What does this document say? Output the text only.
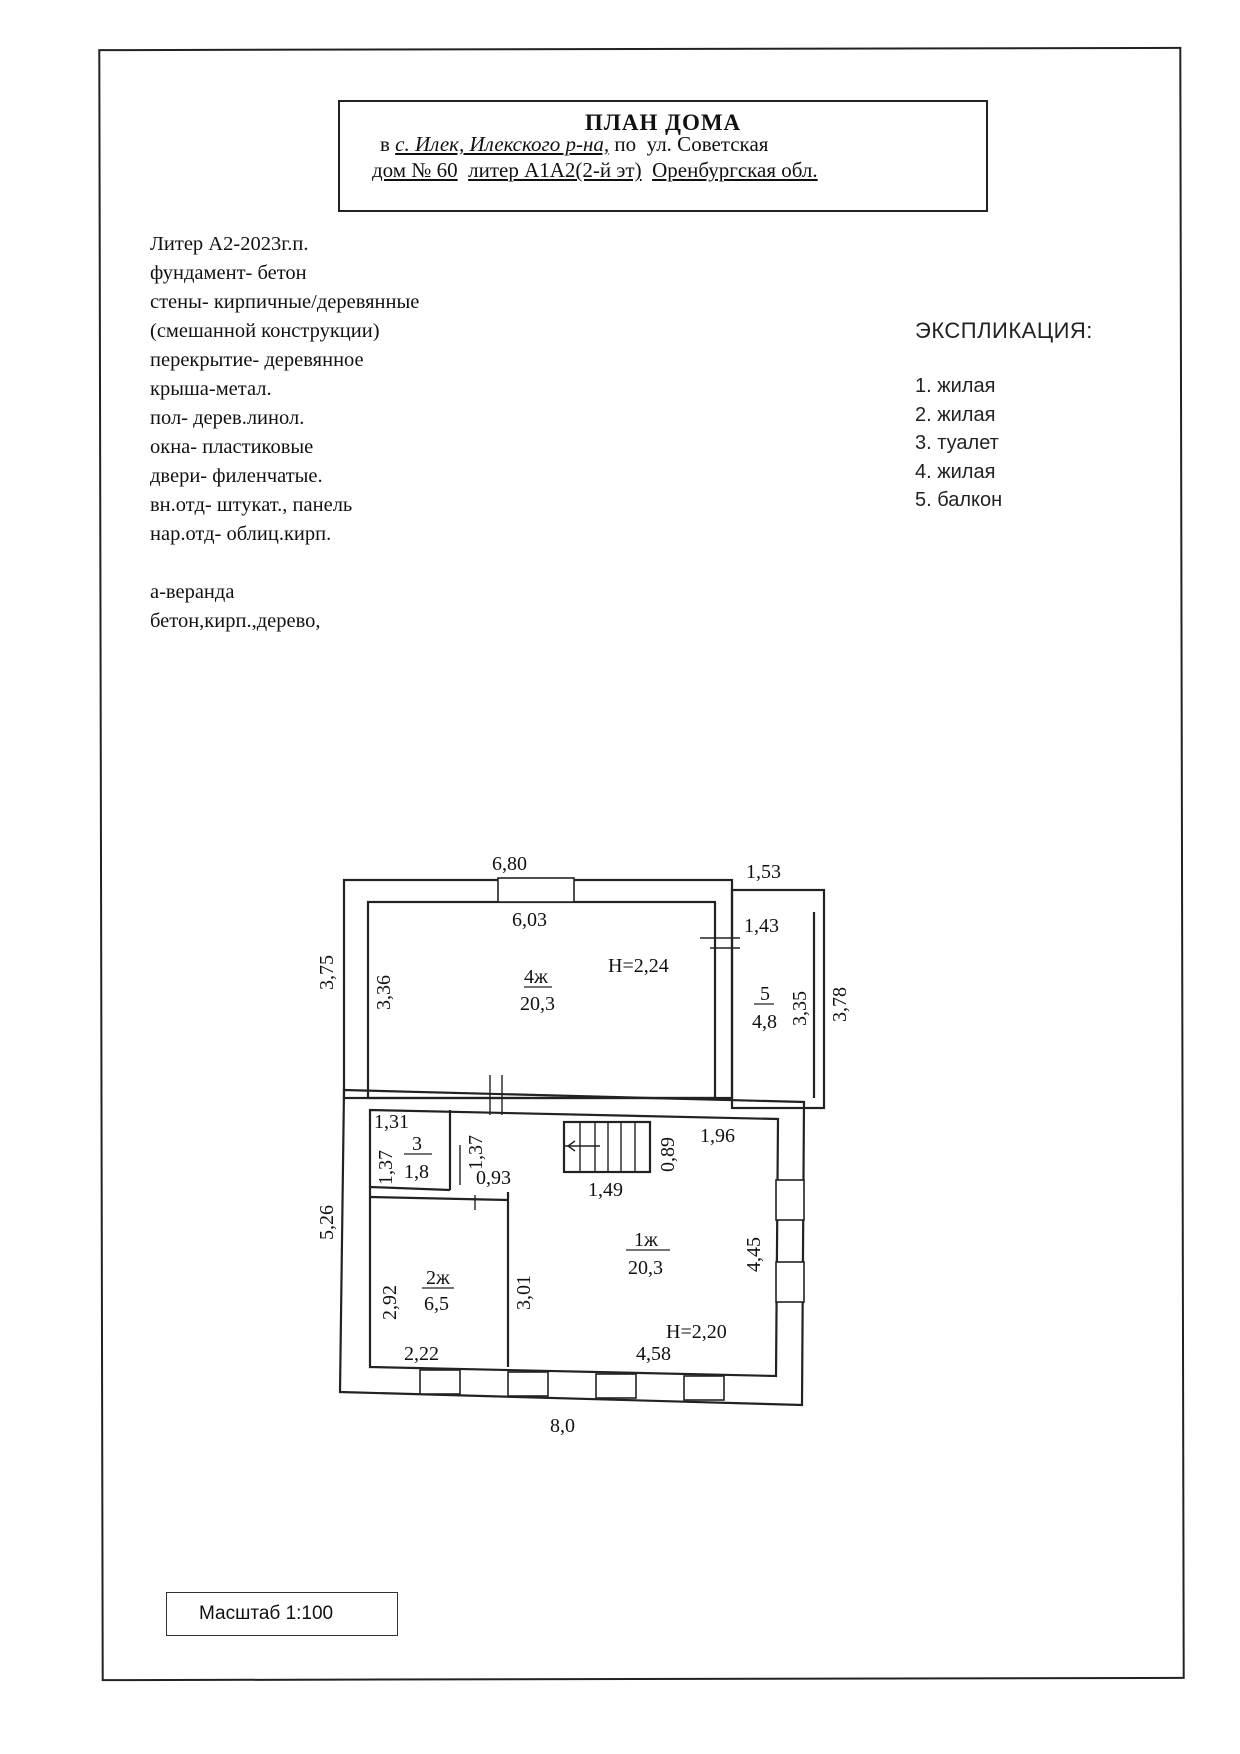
ПЛАН ДОМА
в с. Илек, Илекского р-на, по ул. Советская
дом № 60 литер А1А2(2-й эт) Оренбургская обл.
Литер А2-2023г.п.
фундамент- бетон
стены- кирпичные/деревянные
(смешанной конструкции)
перекрытие- деревянное
крыша-метал.
пол- дерев.линол.
окна- пластиковые
двери- филенчатые.
вн.отд- штукат., панель
нар.отд- облиц.кирп.
а-веранда
бетон,кирп.,дерево,
ЭКСПЛИКАЦИЯ:
1. жилая
2. жилая
3. туалет
4. жилая
5. балкон
6,80
6,03
1,53
1,43
3,75
3,36	3,35 3,78
5,26
1,31
1,37	1,37
0,93
1,49
0,89
1,96
4,45
2,92	3,01
2,22	4,58
8,0
4ж
20,3
Н=2,24
5
4,8
3
1,8
2ж
6,5
1ж
20,3
Н=2,20
Масштаб 1:100
